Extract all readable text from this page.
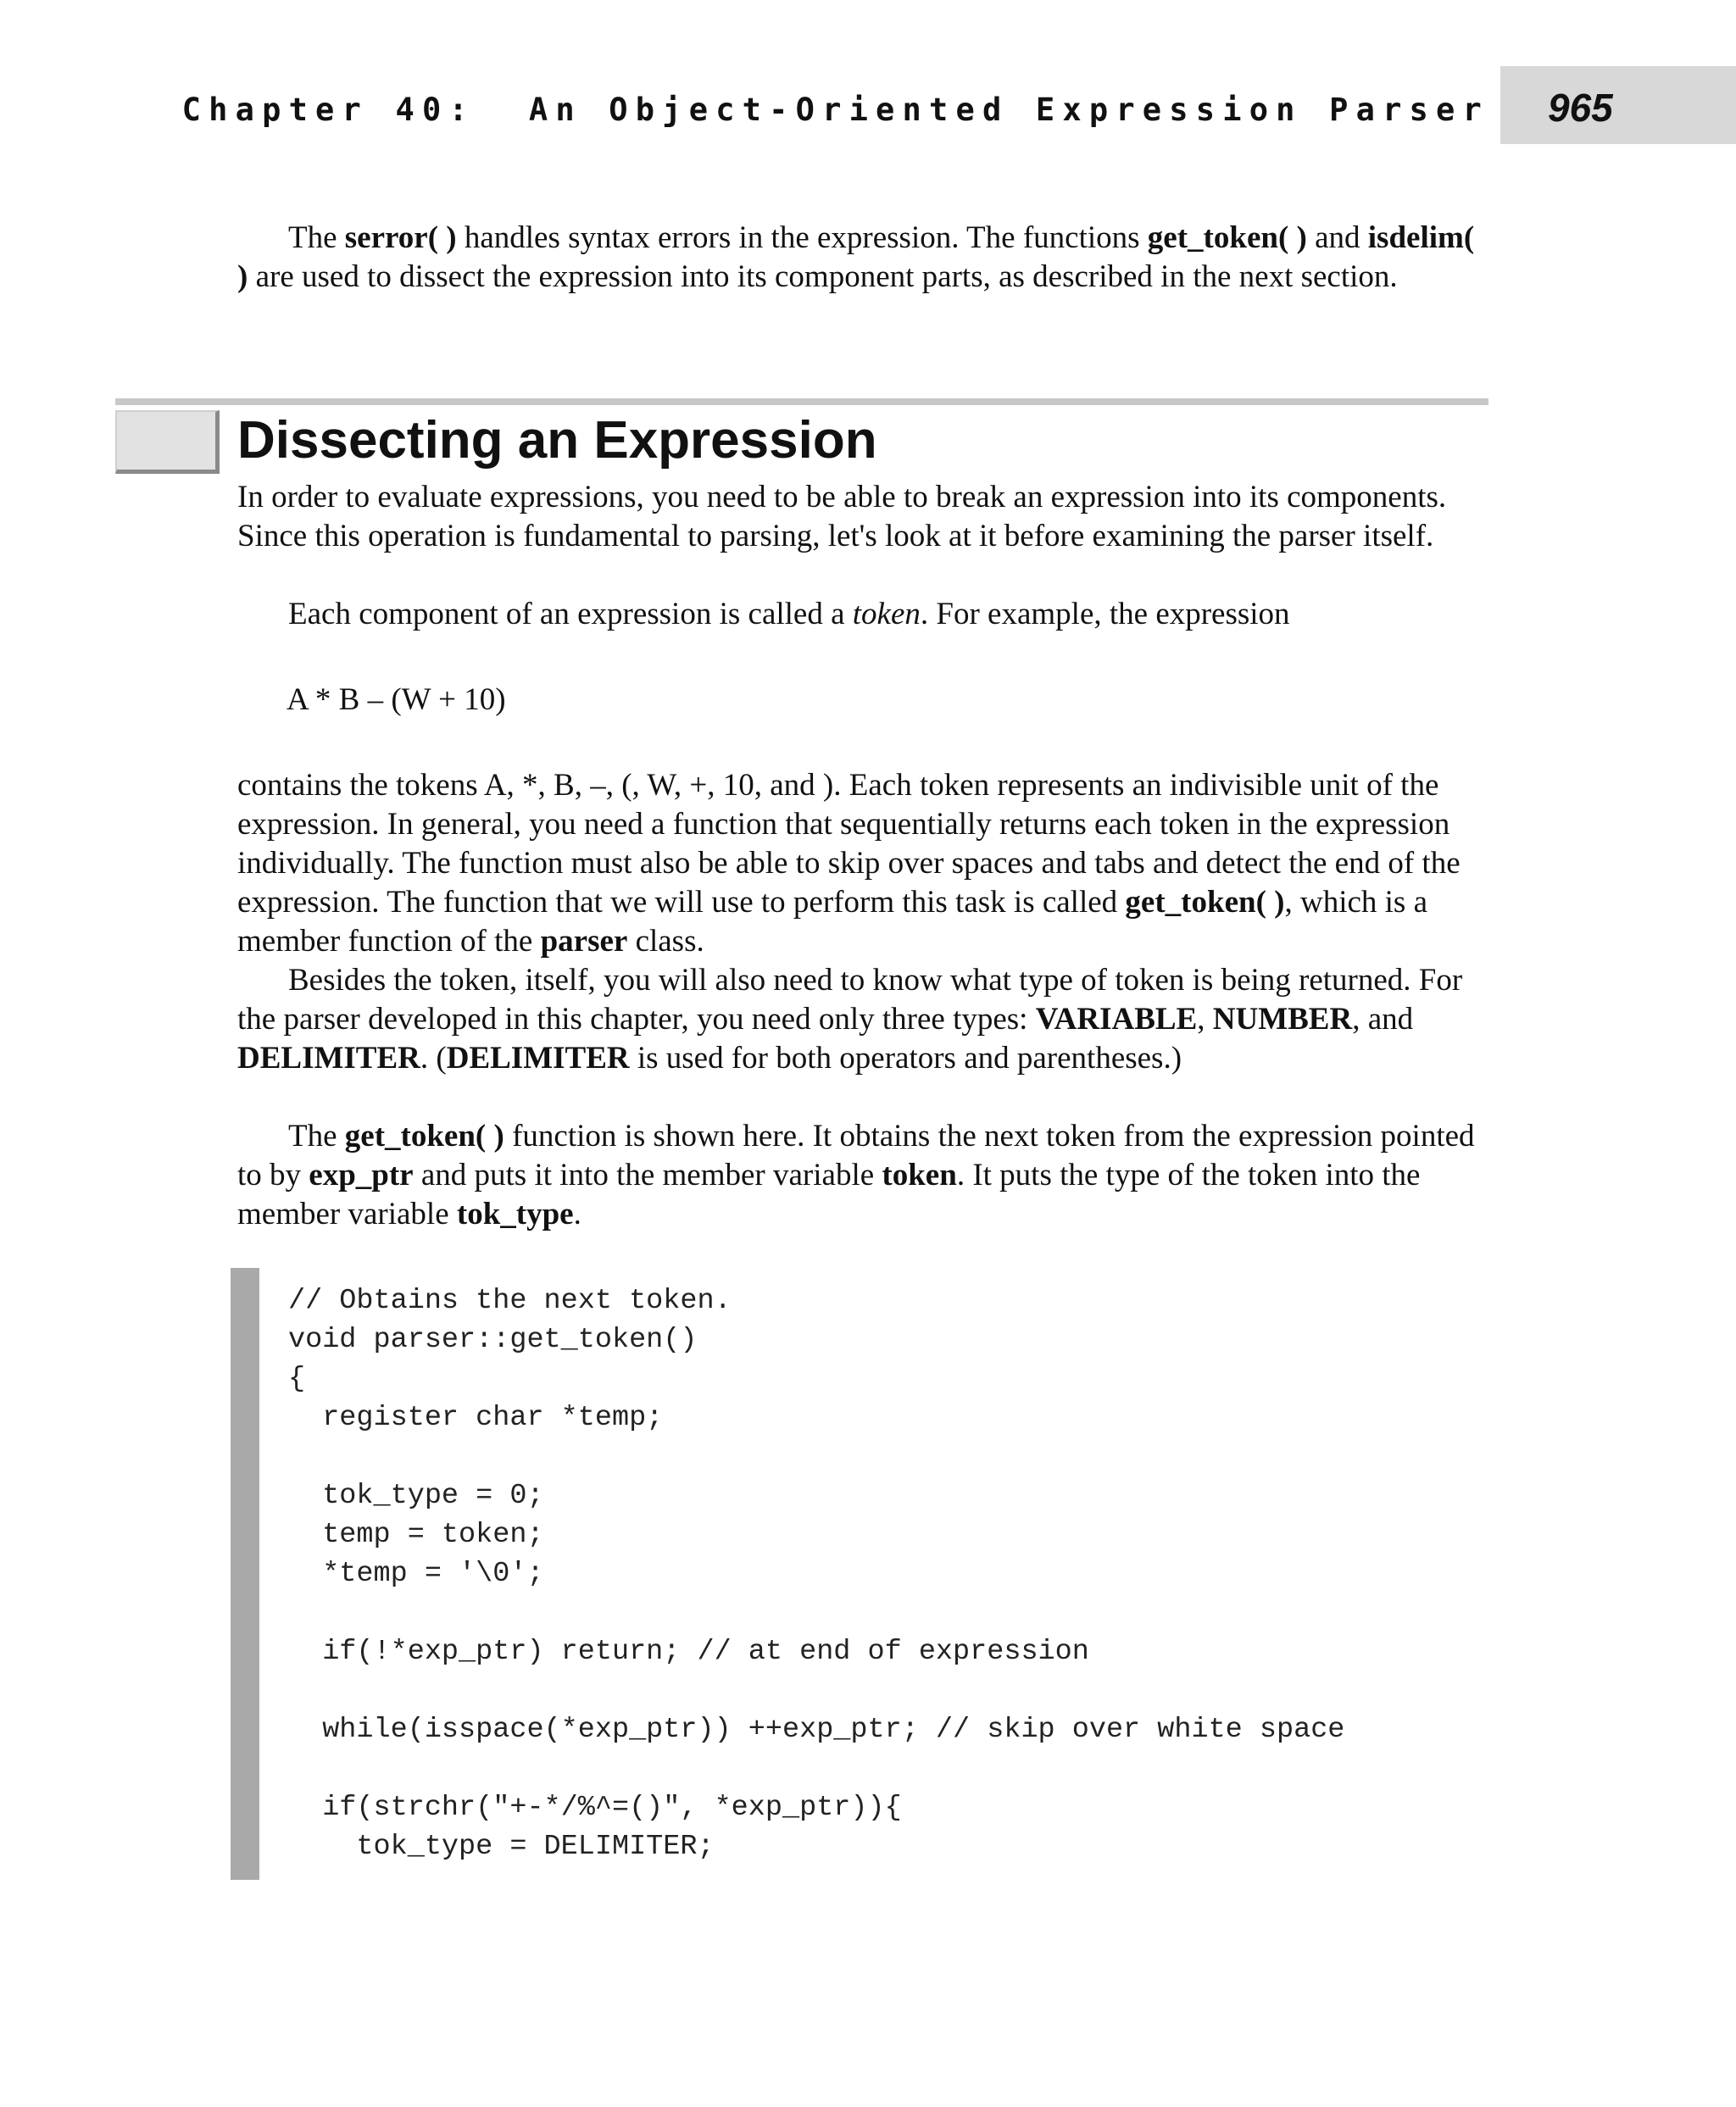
Chapter 40:  An Object-Oriented Expression Parser 965

The serror( ) handles syntax errors in the expression. The functions get_token( ) and isdelim( ) are used to dissect the expression into its component parts, as described in the next section.

Dissecting an Expression

In order to evaluate expressions, you need to be able to break an expression into its components. Since this operation is fundamental to parsing, let's look at it before examining the parser itself.

Each component of an expression is called a token. For example, the expression

A * B – (W + 10)

contains the tokens A, *, B, –, (, W, +, 10, and ). Each token represents an indivisible unit of the expression. In general, you need a function that sequentially returns each token in the expression individually. The function must also be able to skip over spaces and tabs and detect the end of the expression. The function that we will use to perform this task is called get_token( ), which is a member function of the parser class.

Besides the token, itself, you will also need to know what type of token is being returned. For the parser developed in this chapter, you need only three types: VARIABLE, NUMBER, and DELIMITER. (DELIMITER is used for both operators and parentheses.)

The get_token( ) function is shown here. It obtains the next token from the expression pointed to by exp_ptr and puts it into the member variable token. It puts the type of the token into the member variable tok_type.

// Obtains the next token.
void parser::get_token()
{
register char *temp;

tok_type = 0;
temp = token;
*temp = '\0';

if(!*exp_ptr) return; // at end of expression

while(isspace(*exp_ptr)) ++exp_ptr; // skip over white space

if(strchr("+-*/%^=()", *exp_ptr)){
tok_type = DELIMITER;
